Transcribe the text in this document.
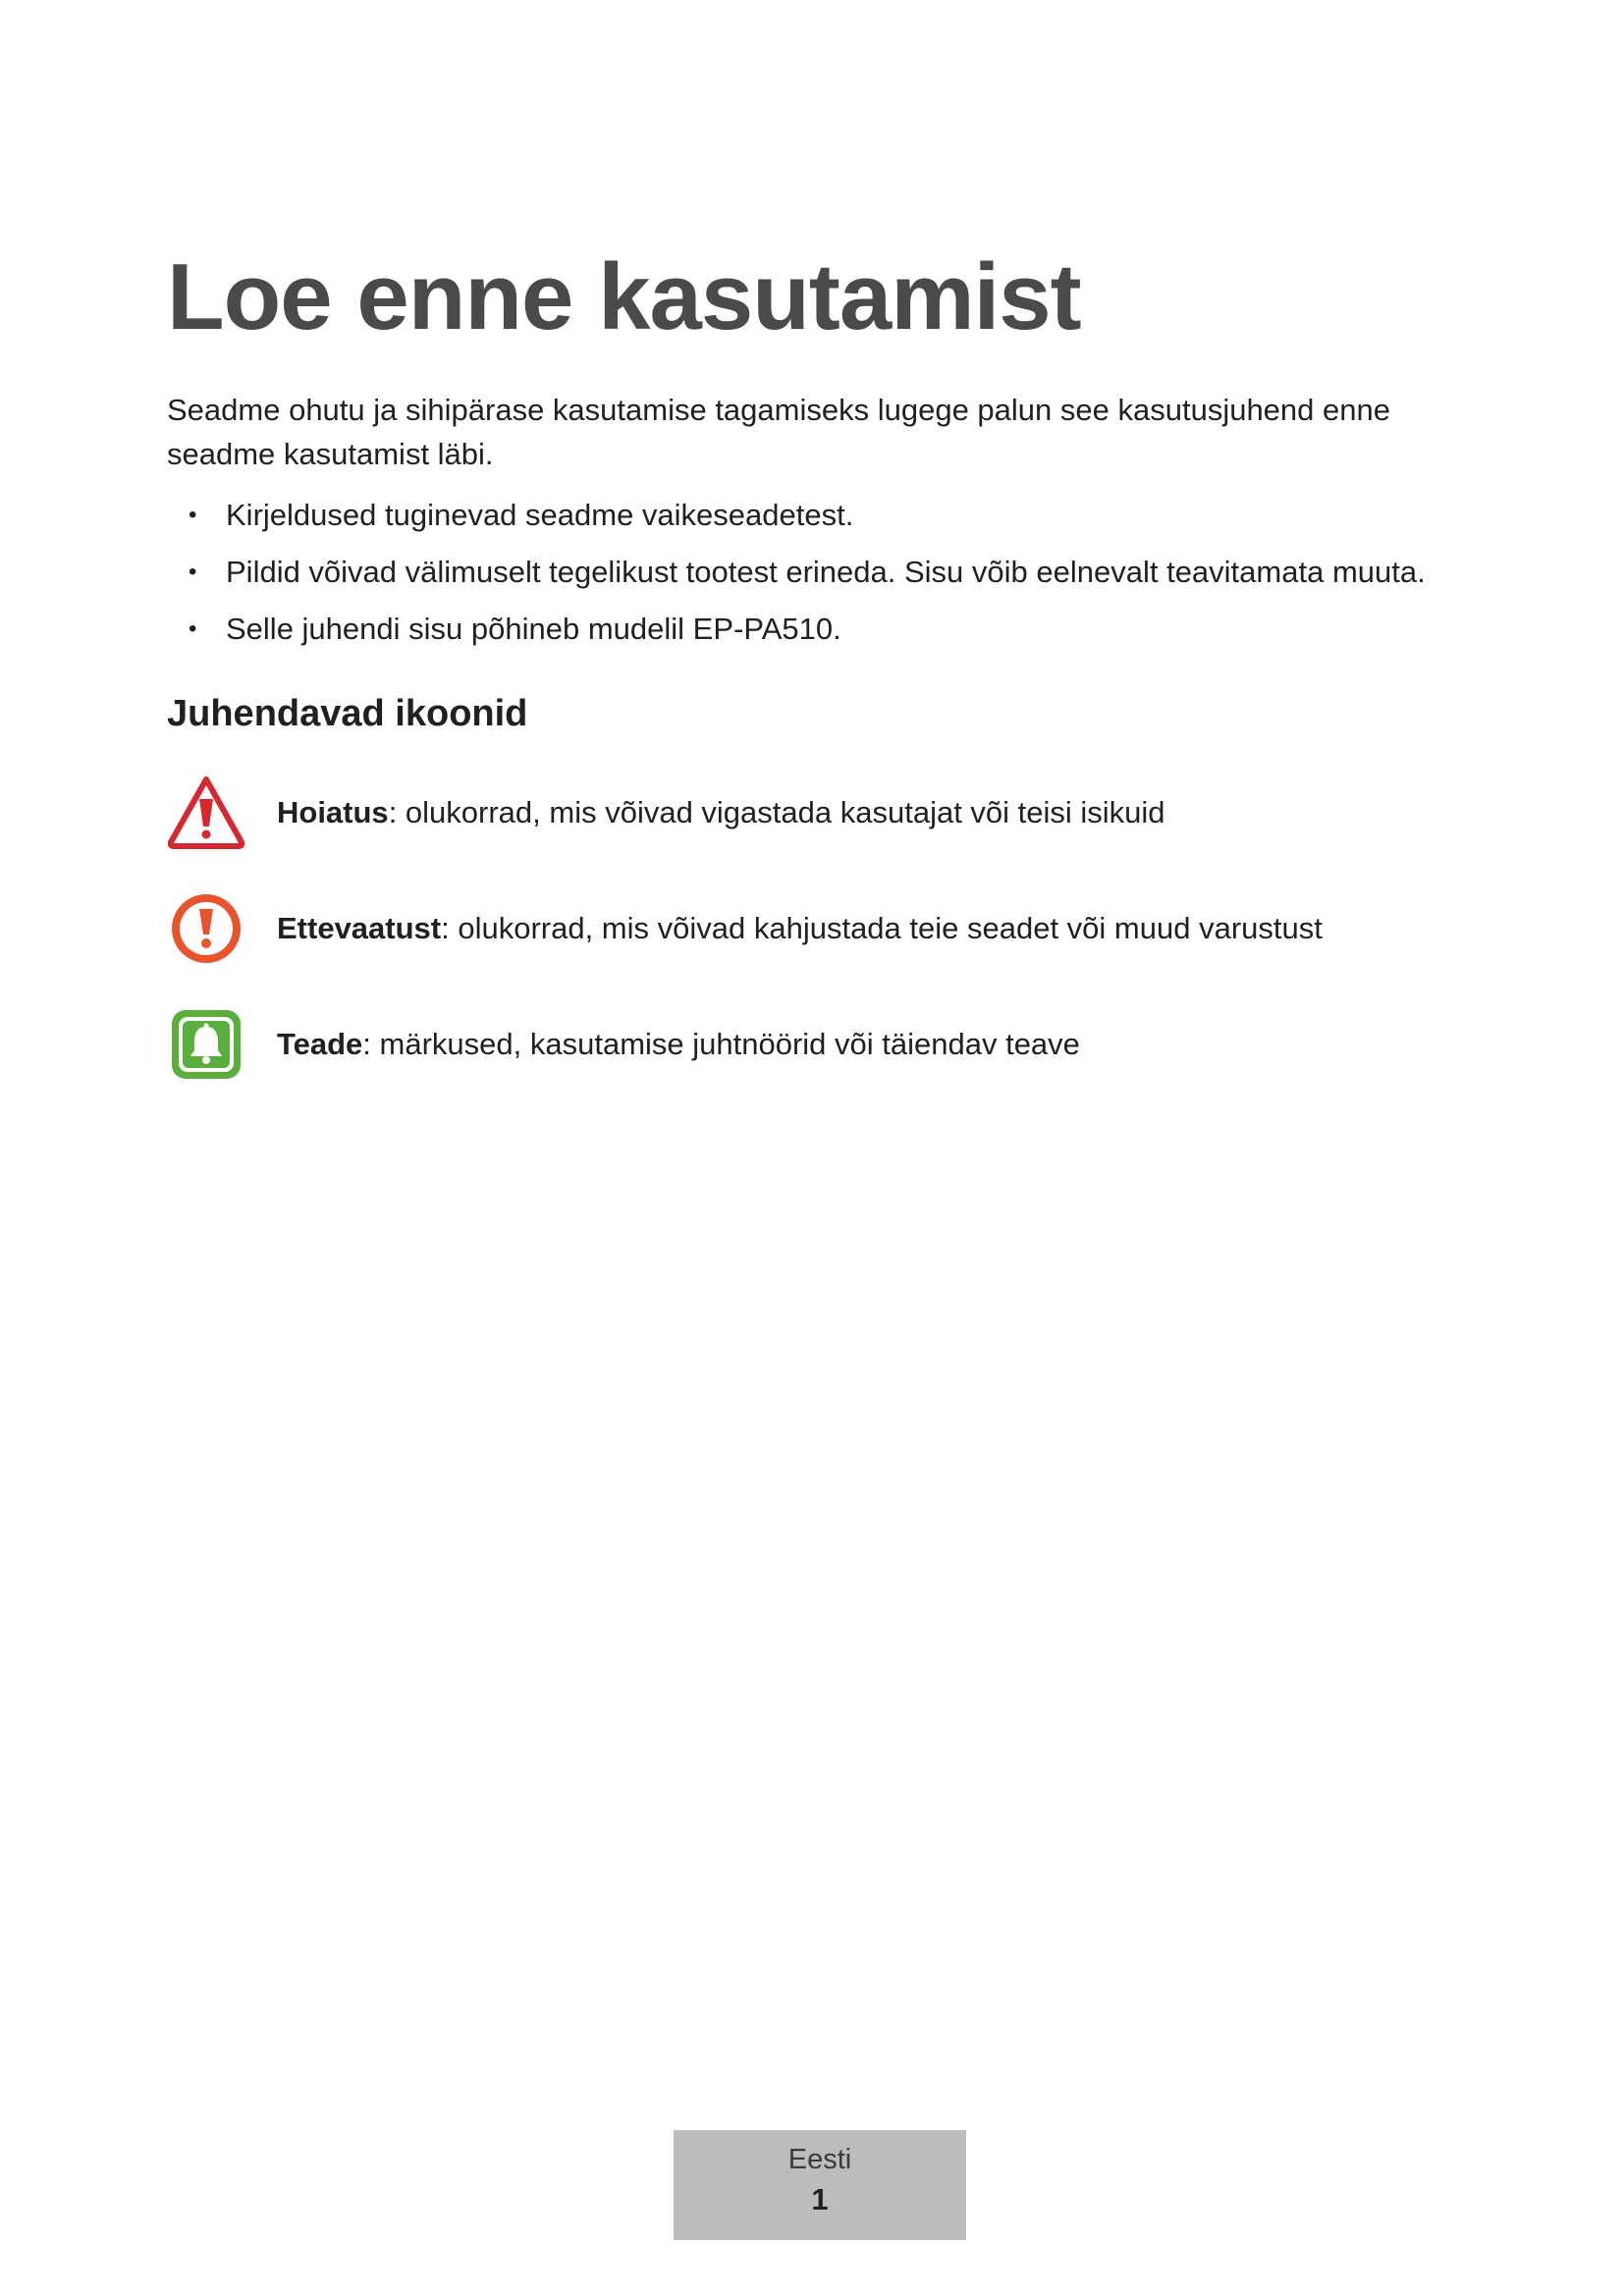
Loe enne kasutamist

Seadme ohutu ja sihipärase kasutamise tagamiseks lugege palun see kasutusjuhend enne seadme kasutamist läbi.

• Kirjeldused tuginevad seadme vaikeseadetest.
• Pildid võivad välimuselt tegelikust tootest erineda. Sisu võib eelnevalt teavitamata muuta.
• Selle juhendi sisu põhineb mudelil EP-PA510.
Juhendavad ikoonid
Hoiatus: olukorrad, mis võivad vigastada kasutajat või teisi isikuid
Ettevaatust: olukorrad, mis võivad kahjustada teie seadet või muud varustust
Teade: märkused, kasutamise juhtnöörid või täiendav teave
Eesti
1
